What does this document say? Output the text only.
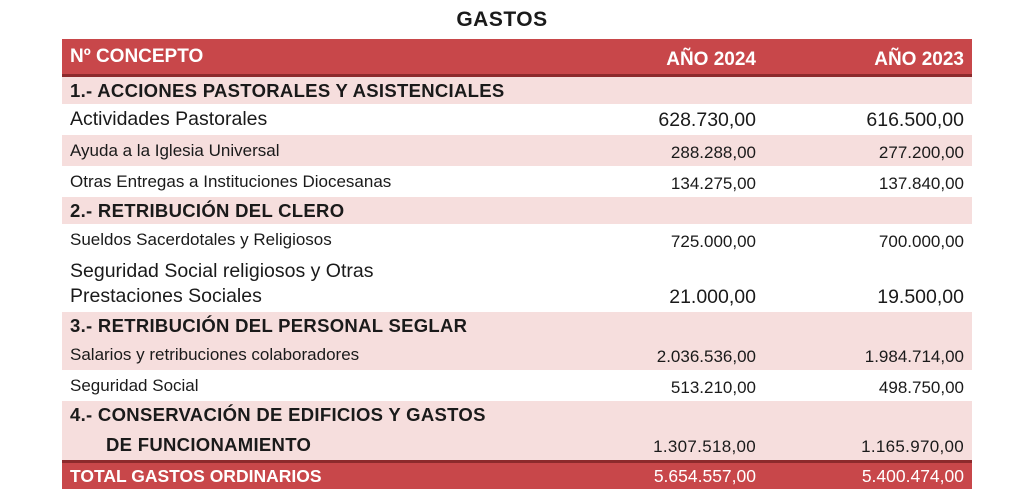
GASTOS
Nº CONCEPTO	AÑO 2024	AÑO 2023
1.- ACCIONES PASTORALES Y ASISTENCIALES		
Actividades Pastorales	628.730,00	616.500,00
Ayuda a la Iglesia Universal	288.288,00	277.200,00
Otras Entregas a Instituciones Diocesanas	134.275,00	137.840,00
2.- RETRIBUCIÓN DEL CLERO		
Sueldos Sacerdotales y Religiosos	725.000,00	700.000,00
Seguridad Social religiosos y Otras
Prestaciones Sociales	21.000,00	19.500,00
3.- RETRIBUCIÓN DEL PERSONAL SEGLAR		
Salarios y retribuciones colaboradores	2.036.536,00	1.984.714,00
Seguridad Social	513.210,00	498.750,00
4.- CONSERVACIÓN DE EDIFICIOS Y GASTOS		
DE FUNCIONAMIENTO	1.307.518,00	1.165.970,00
TOTAL GASTOS ORDINARIOS	5.654.557,00	5.400.474,00
